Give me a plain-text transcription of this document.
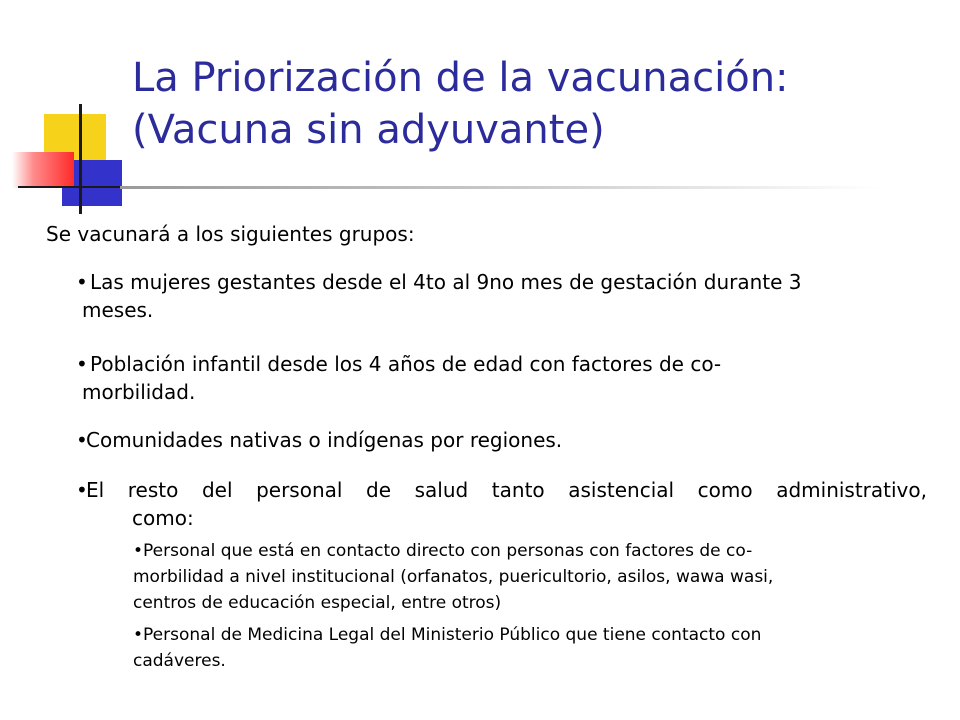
La Priorización de la vacunación:
(Vacuna sin adyuvante)
Se vacunará a los siguientes grupos:
• Las mujeres gestantes desde el 4to al 9no mes de gestación durante 3
meses.
• Población infantil desde los 4 años de edad con factores de co-
morbilidad.
•
Comunidades nativas o indígenas por regiones.
•
El resto del personal de salud tanto asistencial como administrativo,
como:
•Personal que está en contacto directo con personas con factores de co-
morbilidad a nivel institucional (orfanatos, puericultorio, asilos, wawa wasi,
centros de educación especial, entre otros)
•Personal de Medicina Legal del Ministerio Público que tiene contacto con
cadáveres.
